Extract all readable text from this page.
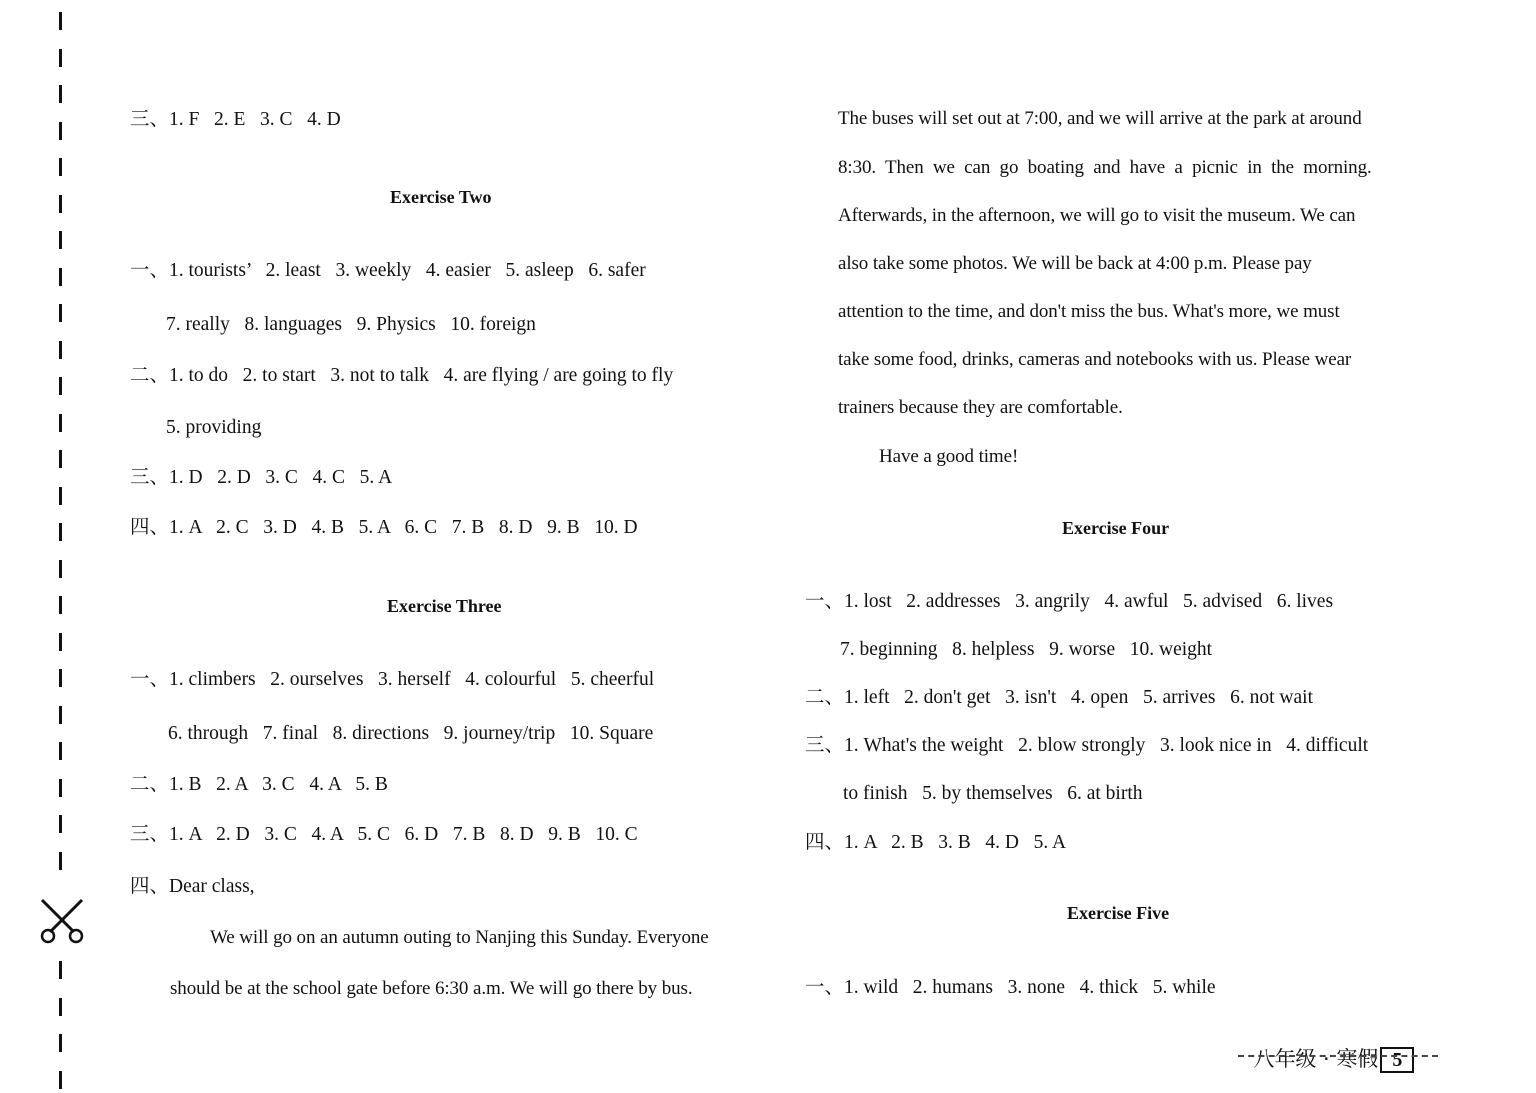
三、1. F   2. E   3. C   4. D
Exercise Two
一、1. tourists’   2. least   3. weekly   4. easier   5. asleep   6. safer
7. really   8. languages   9. Physics   10. foreign
二、1. to do   2. to start   3. not to talk   4. are flying / are going to fly
5. providing
三、1. D   2. D   3. C   4. C   5. A
四、1. A   2. C   3. D   4. B   5. A   6. C   7. B   8. D   9. B   10. D
Exercise Three
一、1. climbers   2. ourselves   3. herself   4. colourful   5. cheerful
6. through   7. final   8. directions   9. journey/trip   10. Square
二、1. B   2. A   3. C   4. A   5. B
三、1. A   2. D   3. C   4. A   5. C   6. D   7. B   8. D   9. B   10. C
四、Dear class,
We will go on an autumn outing to Nanjing this Sunday. Everyone
should be at the school gate before 6:30 a.m. We will go there by bus.
The buses will set out at 7:00, and we will arrive at the park at around
8:30.  Then  we  can  go  boating  and  have  a  picnic  in  the  morning.
Afterwards, in the afternoon, we will go to visit the museum. We can
also take some photos. We will be back at 4:00 p.m. Please pay
attention to the time, and don't miss the bus. What's more, we must
take some food, drinks, cameras and notebooks with us. Please wear
trainers because they are comfortable.
Have a good time!
Exercise Four
一、1. lost   2. addresses   3. angrily   4. awful   5. advised   6. lives
7. beginning   8. helpless   9. worse   10. weight
二、1. left   2. don't get   3. isn't   4. open   5. arrives   6. not wait
三、1. What's the weight   2. blow strongly   3. look nice in   4. difficult
to finish   5. by themselves   6. at birth
四、1. A   2. B   3. B   4. D   5. A
Exercise Five
一、1. wild   2. humans   3. none   4. thick   5. while

八年级 · 寒假 5
